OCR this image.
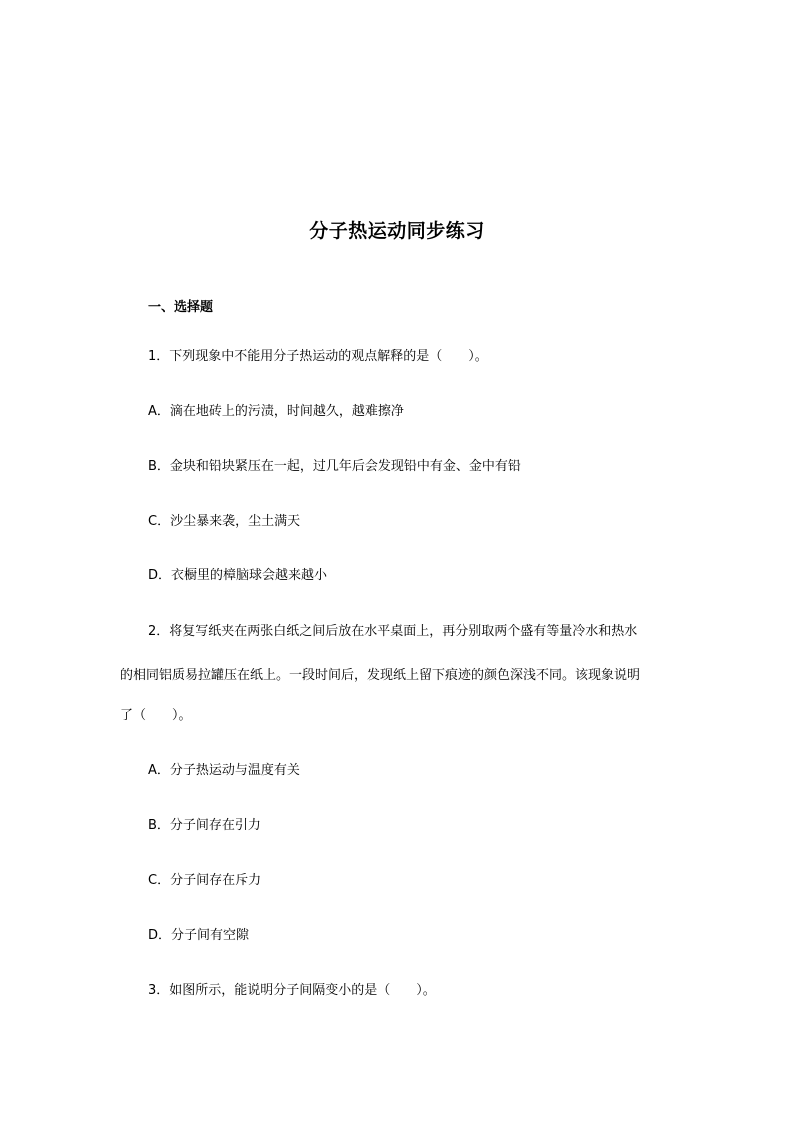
分子热运动同步练习
一、选择题
1．下列现象中不能用分子热运动的观点解释的是（　　）。
A．滴在地砖上的污渍，时间越久，越难擦净
B．金块和铅块紧压在一起，过几年后会发现铅中有金、金中有铅
C．沙尘暴来袭，尘土满天
D．衣橱里的樟脑球会越来越小
2．将复写纸夹在两张白纸之间后放在水平桌面上，再分别取两个盛有等量冷水和热水
的相同铝质易拉罐压在纸上。一段时间后，发现纸上留下痕迹的颜色深浅不同。该现象说明
了（　　）。
A．分子热运动与温度有关
B．分子间存在引力
C．分子间存在斥力
D．分子间有空隙
3．如图所示，能说明分子间隔变小的是（　　）。
